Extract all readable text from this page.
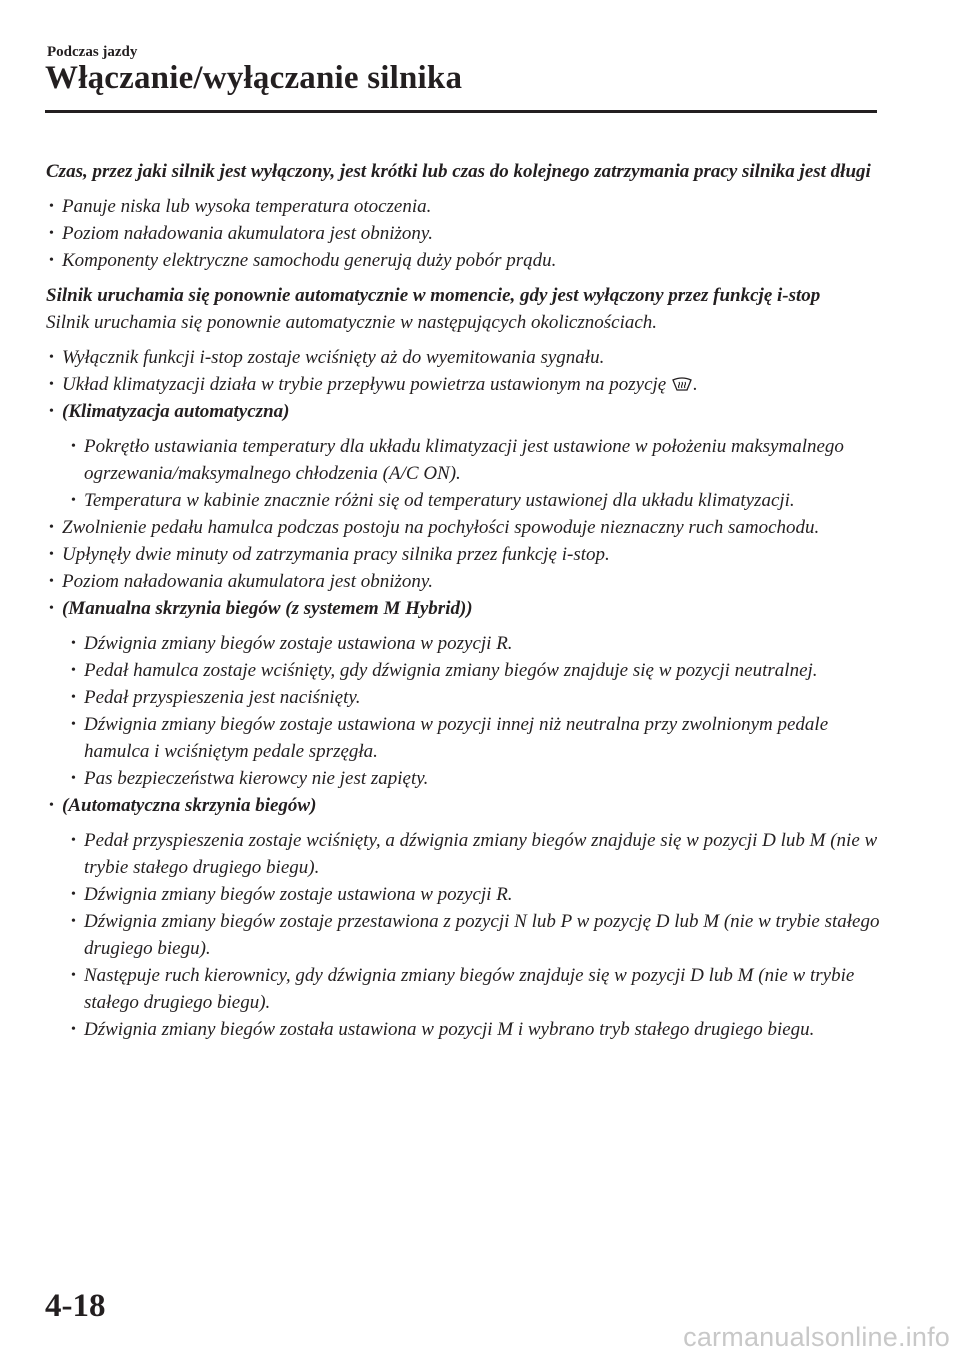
Podczas jazdy
Włączanie/wyłączanie silnika

Czas, przez jaki silnik jest wyłączony, jest krótki lub czas do kolejnego zatrzymania pracy silnika jest długi

• Panuje niska lub wysoka temperatura otoczenia.
• Poziom naładowania akumulatora jest obniżony.
• Komponenty elektryczne samochodu generują duży pobór prądu.

Silnik uruchamia się ponownie automatycznie w momencie, gdy jest wyłączony przez funkcję i-stop

Silnik uruchamia się ponownie automatycznie w następujących okolicznościach.

• Wyłącznik funkcji i-stop zostaje wciśnięty aż do wyemitowania sygnału.
• Układ klimatyzacji działa w trybie przepływu powietrza ustawionym na pozycję .
• (Klimatyzacja automatyczna)
• Pokrętło ustawiania temperatury dla układu klimatyzacji jest ustawione w położeniu maksymalnego ogrzewania/maksymalnego chłodzenia (A/C ON).
• Temperatura w kabinie znacznie różni się od temperatury ustawionej dla układu klimatyzacji.
• Zwolnienie pedału hamulca podczas postoju na pochyłości spowoduje nieznaczny ruch samochodu.
• Upłynęły dwie minuty od zatrzymania pracy silnika przez funkcję i-stop.
• Poziom naładowania akumulatora jest obniżony.
• (Manualna skrzynia biegów (z systemem M Hybrid))
• Dźwignia zmiany biegów zostaje ustawiona w pozycji R.
• Pedał hamulca zostaje wciśnięty, gdy dźwignia zmiany biegów znajduje się w pozycji neutralnej.
• Pedał przyspieszenia jest naciśnięty.
• Dźwignia zmiany biegów zostaje ustawiona w pozycji innej niż neutralna przy zwolnionym pedale hamulca i wciśniętym pedale sprzęgła.
• Pas bezpieczeństwa kierowcy nie jest zapięty.
• (Automatyczna skrzynia biegów)
• Pedał przyspieszenia zostaje wciśnięty, a dźwignia zmiany biegów znajduje się w pozycji D lub M (nie w trybie stałego drugiego biegu).
• Dźwignia zmiany biegów zostaje ustawiona w pozycji R.
• Dźwignia zmiany biegów zostaje przestawiona z pozycji N lub P w pozycję D lub M (nie w trybie stałego drugiego biegu).
• Następuje ruch kierownicy, gdy dźwignia zmiany biegów znajduje się w pozycji D lub M (nie w trybie stałego drugiego biegu).
• Dźwignia zmiany biegów została ustawiona w pozycji M i wybrano tryb stałego drugiego biegu.
4-18
carmanualsonline.info
